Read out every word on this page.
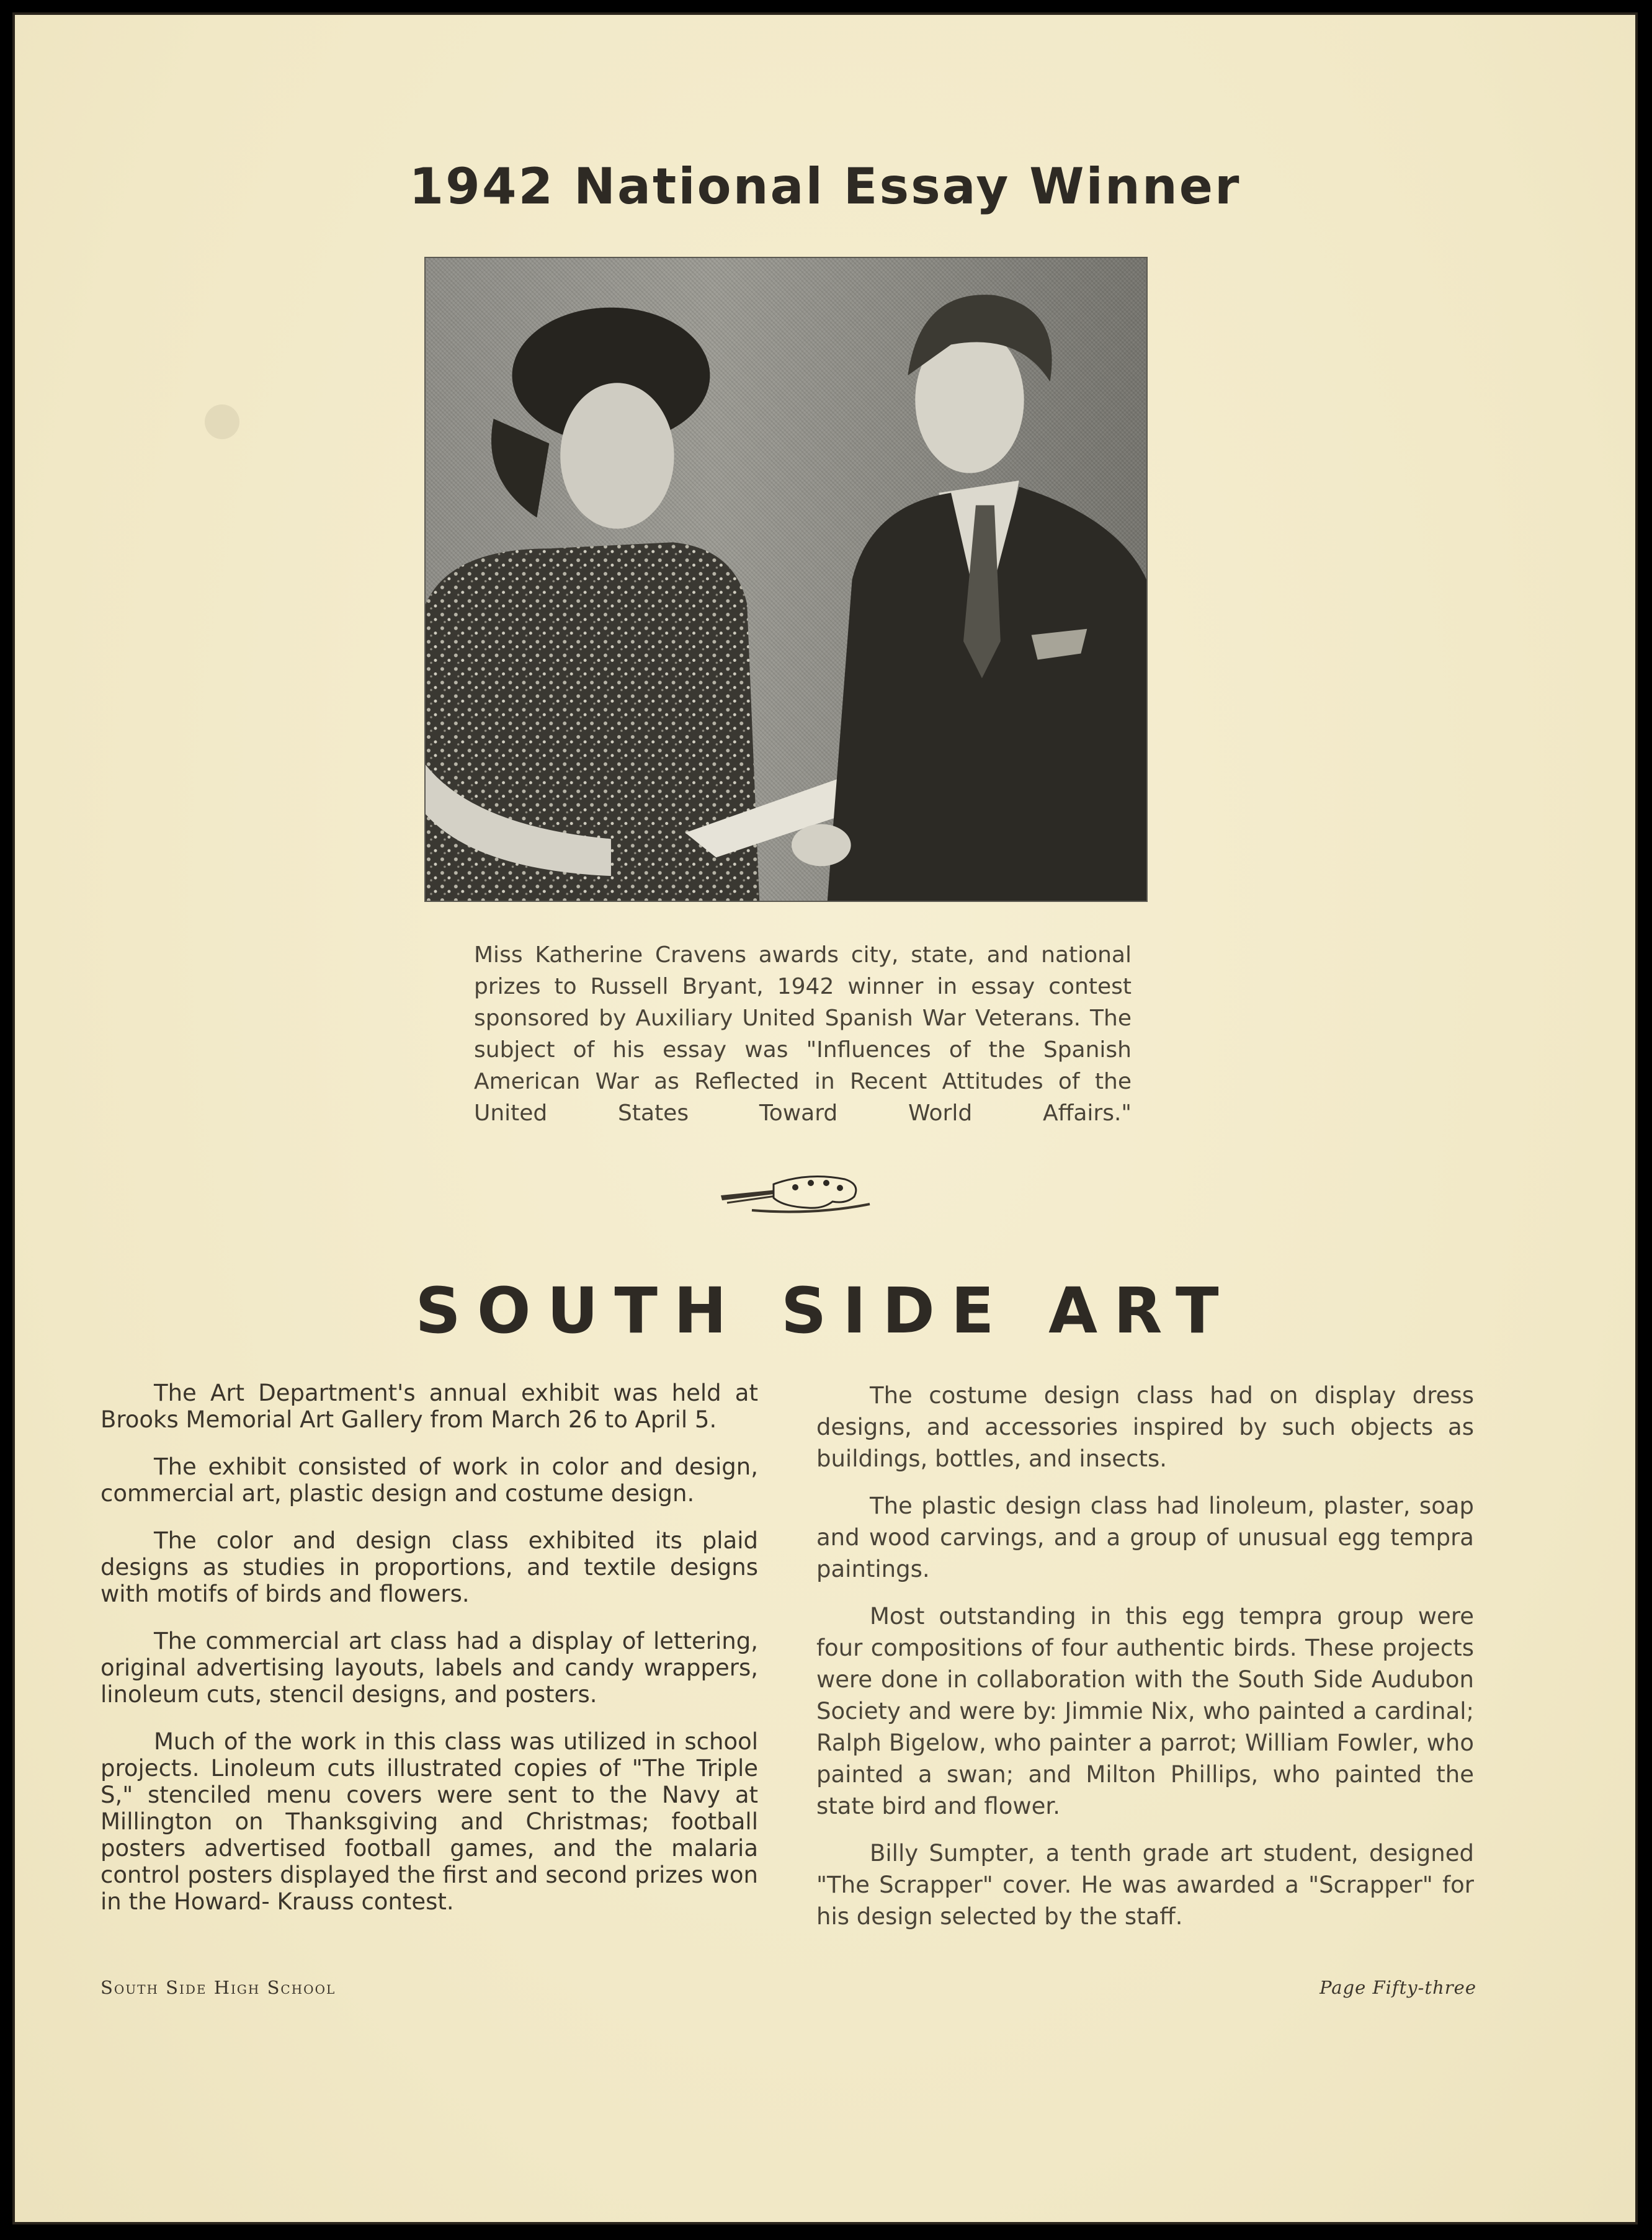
1942 National Essay Winner

Miss Katherine Cravens awards city, state, and national prizes to Russell Bryant, 1942 winner in essay contest sponsored by Auxiliary United Spanish War Veterans. The subject of his essay was "Influences of the Spanish American War as Reflected in Recent Attitudes of the United States Toward World Affairs."

SOUTH SIDE ART

The Art Department's annual exhibit was held at Brooks Memorial Art Gallery from March 26 to April 5.

The exhibit consisted of work in color and design, commercial art, plastic design and costume design.

The color and design class exhibited its plaid designs as studies in proportions, and textile designs with motifs of birds and flowers.

The commercial art class had a display of lettering, original advertising layouts, labels and candy wrappers, linoleum cuts, stencil designs, and posters.

Much of the work in this class was utilized in school projects. Linoleum cuts illustrated copies of "The Triple S," stenciled menu covers were sent to the Navy at Millington on Thanksgiving and Christmas; football posters advertised football games, and the malaria control posters displayed the first and second prizes won in the Howard- Krauss contest.

The costume design class had on display dress designs, and accessories inspired by such objects as buildings, bottles, and insects.

The plastic design class had linoleum, plaster, soap and wood carvings, and a group of unusual egg tempra paintings.

Most outstanding in this egg tempra group were four compositions of four authentic birds. These projects were done in collaboration with the South Side Audubon Society and were by: Jimmie Nix, who painted a cardinal; Ralph Bigelow, who painter a parrot; William Fowler, who painted a swan; and Milton Phillips, who painted the state bird and flower.

Billy Sumpter, a tenth grade art student, designed "The Scrapper" cover. He was awarded a "Scrapper" for his design selected by the staff.

South Side High School	Page Fifty-three
